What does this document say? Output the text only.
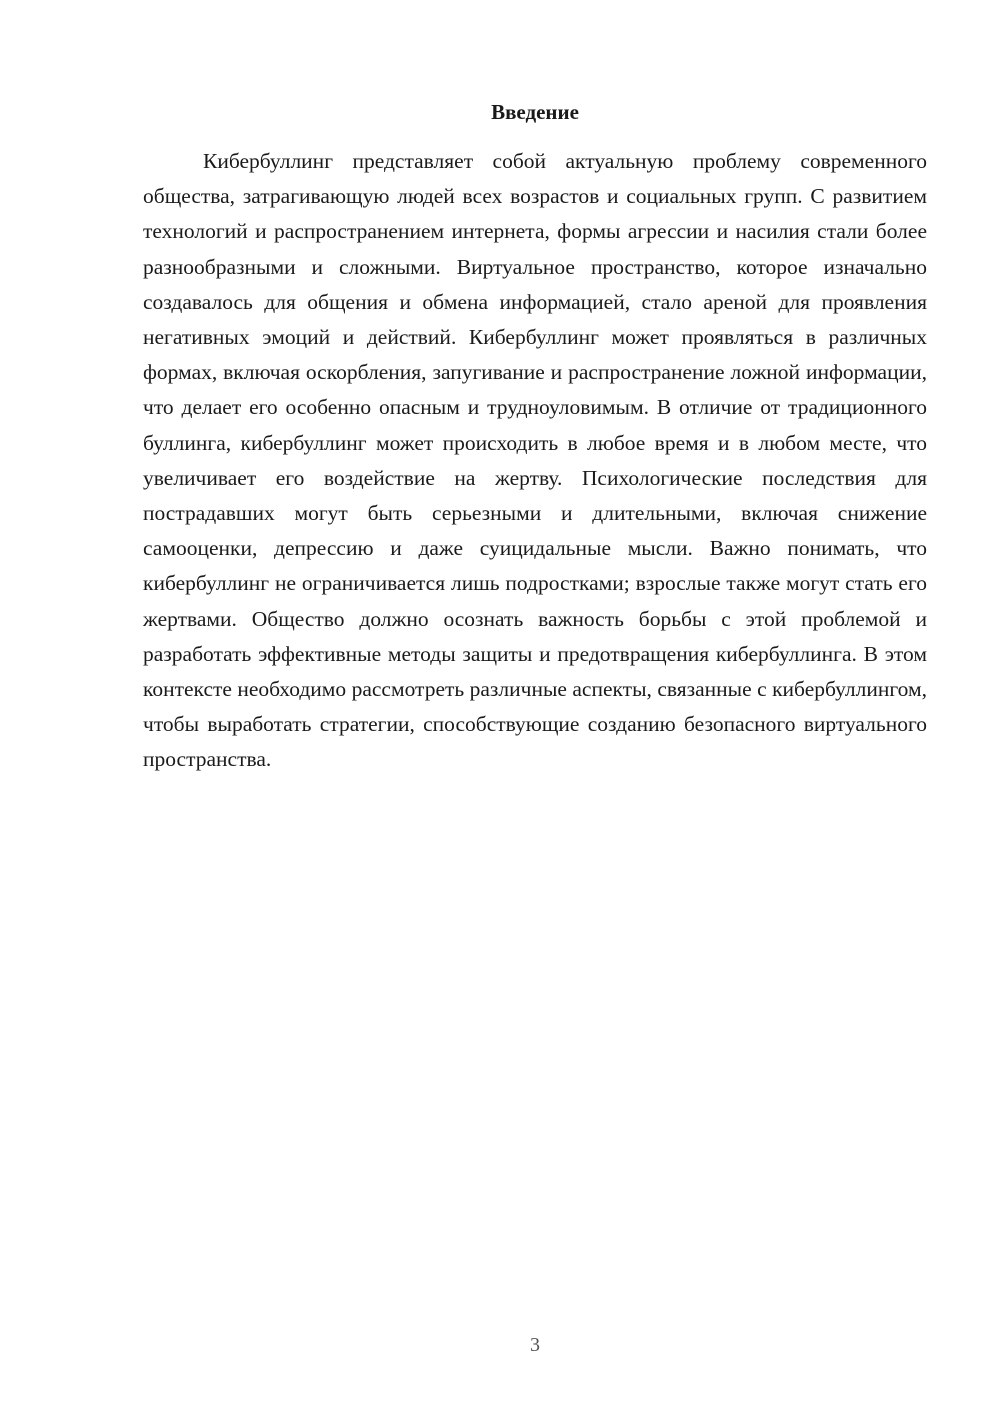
Введение

Кибербуллинг представляет собой актуальную проблему современного общества, затрагивающую людей всех возрастов и социальных групп. С развитием технологий и распространением интернета, формы агрессии и насилия стали более разнообразными и сложными. Виртуальное пространство, которое изначально создавалось для общения и обмена информацией, стало ареной для проявления негативных эмоций и действий. Кибербуллинг может проявляться в различных формах, включая оскорбления, запугивание и распространение ложной информации, что делает его особенно опасным и трудноуловимым. В отличие от традиционного буллинга, кибербуллинг может происходить в любое время и в любом месте, что увеличивает его воздействие на жертву. Психологические последствия для пострадавших могут быть серьезными и длительными, включая снижение самооценки, депрессию и даже суицидальные мысли. Важно понимать, что кибербуллинг не ограничивается лишь подростками; взрослые также могут стать его жертвами. Общество должно осознать важность борьбы с этой проблемой и разработать эффективные методы защиты и предотвращения кибербуллинга. В этом контексте необходимо рассмотреть различные аспекты, связанные с кибербуллингом, чтобы выработать стратегии, способствующие созданию безопасного виртуального пространства.

3
